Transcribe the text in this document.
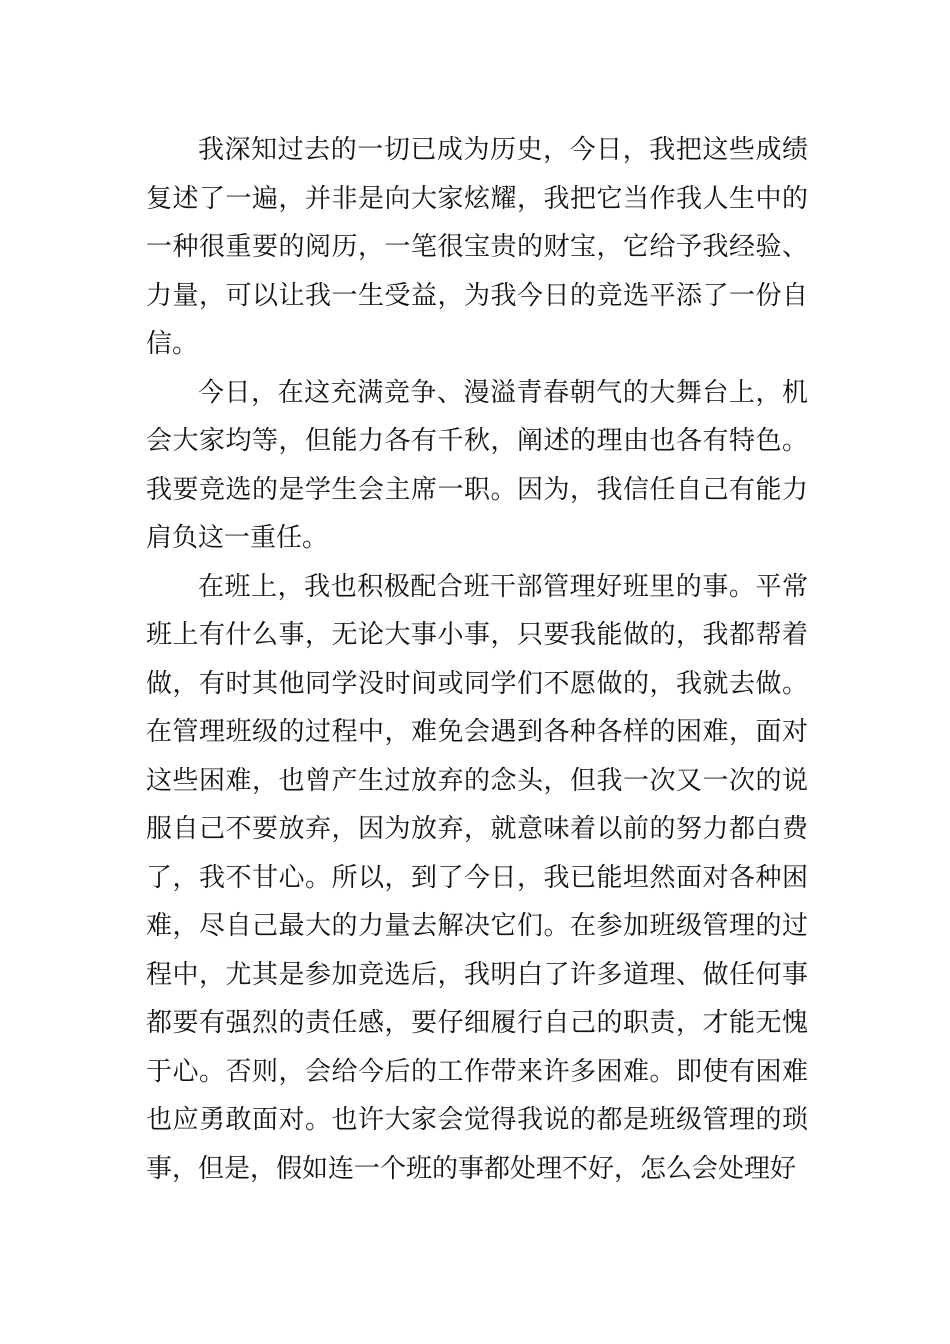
我深知过去的一切已成为历史，今日，我把这些成绩复述了一遍，并非是向大家炫耀，我把它当作我人生中的一种很重要的阅历，一笔很宝贵的财宝，它给予我经验、力量，可以让我一生受益，为我今日的竞选平添了一份自信。

今日，在这充满竞争、漫溢青春朝气的大舞台上，机会大家均等，但能力各有千秋，阐述的理由也各有特色。我要竞选的是学生会主席一职。因为，我信任自己有能力肩负这一重任。

在班上，我也积极配合班干部管理好班里的事。平常班上有什么事，无论大事小事，只要我能做的，我都帮着做，有时其他同学没时间或同学们不愿做的，我就去做。在管理班级的过程中，难免会遇到各种各样的困难，面对这些困难，也曾产生过放弃的念头，但我一次又一次的说服自己不要放弃，因为放弃，就意味着以前的努力都白费了，我不甘心。所以，到了今日，我已能坦然面对各种困难，尽自己最大的力量去解决它们。在参加班级管理的过程中，尤其是参加竞选后，我明白了许多道理、做任何事都要有强烈的责任感，要仔细履行自己的职责，才能无愧于心。否则，会给今后的工作带来许多困难。即使有困难也应勇敢面对。也许大家会觉得我说的都是班级管理的琐事，但是，假如连一个班的事都处理不好，怎么会处理好
